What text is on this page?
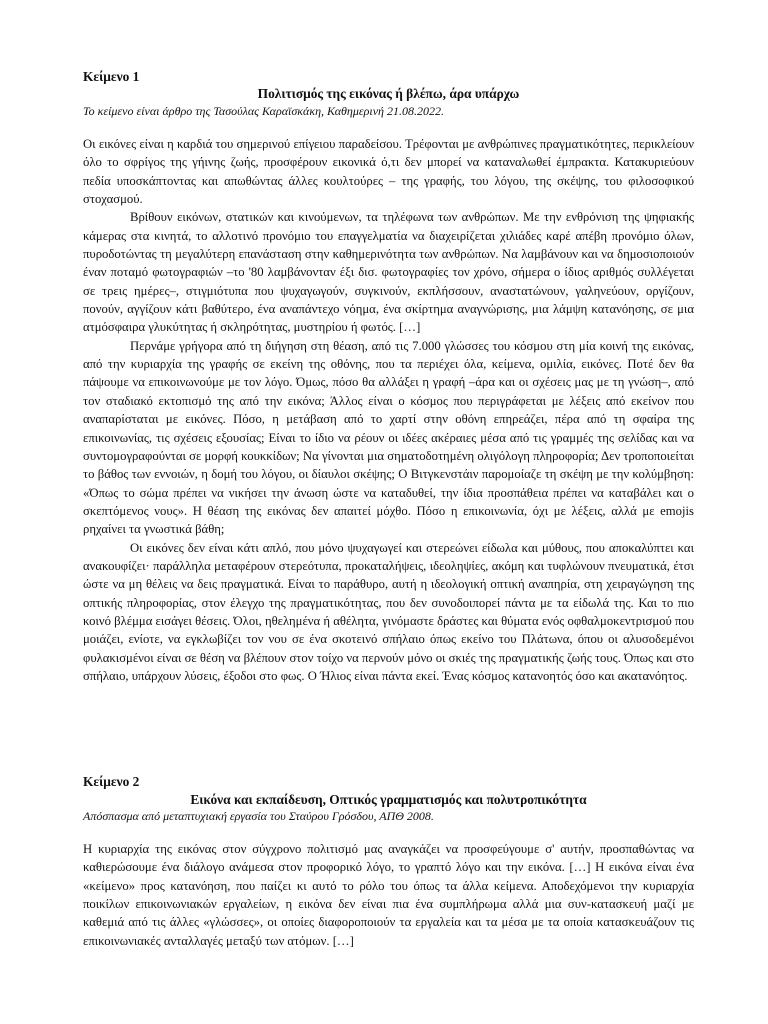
Κείμενο 1

Πολιτισμός της εικόνας ή βλέπω, άρα υπάρχω

Το κείμενο είναι άρθρο της Τασούλας Καραϊσκάκη, Καθημερινή 21.08.2022.

Οι εικόνες είναι η καρδιά του σημερινού επίγειου παραδείσου. Τρέφονται με ανθρώπινες πραγματικότητες, περικλείουν όλο το σφρίγος της γήινης ζωής, προσφέρουν εικονικά ό,τι δεν μπορεί να καταναλωθεί έμπρακτα. Κατακυριεύουν πεδία υποσκάπτοντας και απωθώντας άλλες κουλτούρες – της γραφής, του λόγου, της σκέψης, του φιλοσοφικού στοχασμού.

Βρίθουν εικόνων, στατικών και κινούμενων, τα τηλέφωνα των ανθρώπων. Με την ενθρόνιση της ψηφιακής κάμερας στα κινητά, το αλλοτινό προνόμιο του επαγγελματία να διαχειρίζεται χιλιάδες καρέ απέβη προνόμιο όλων, πυροδοτώντας τη μεγαλύτερη επανάσταση στην καθημερινότητα των ανθρώπων. Να λαμβάνουν και να δημοσιοποιούν έναν ποταμό φωτογραφιών –το '80 λαμβάνονταν έξι δισ. φωτογραφίες τον χρόνο, σήμερα ο ίδιος αριθμός συλλέγεται σε τρεις ημέρες–, στιγμιότυπα που ψυχαγωγούν, συγκινούν, εκπλήσσουν, αναστατώνουν, γαληνεύουν, οργίζουν, πονούν, αγγίζουν κάτι βαθύτερο, ένα αναπάντεχο νόημα, ένα σκίρτημα αναγνώρισης, μια λάμψη κατανόησης, σε μια ατμόσφαιρα γλυκύτητας ή σκληρότητας, μυστηρίου ή φωτός. […]

Περνάμε γρήγορα από τη διήγηση στη θέαση, από τις 7.000 γλώσσες του κόσμου στη μία κοινή της εικόνας, από την κυριαρχία της γραφής σε εκείνη της οθόνης, που τα περιέχει όλα, κείμενα, ομιλία, εικόνες. Ποτέ δεν θα πάψουμε να επικοινωνούμε με τον λόγο. Όμως, πόσο θα αλλάξει η γραφή –άρα και οι σχέσεις μας με τη γνώση–, από τον σταδιακό εκτοπισμό της από την εικόνα; Άλλος είναι ο κόσμος που περιγράφεται με λέξεις από εκείνον που αναπαρίσταται με εικόνες. Πόσο, η μετάβαση από το χαρτί στην οθόνη επηρεάζει, πέρα από τη σφαίρα της επικοινωνίας, τις σχέσεις εξουσίας; Είναι το ίδιο να ρέουν οι ιδέες ακέραιες μέσα από τις γραμμές της σελίδας και να συντομογραφούνται σε μορφή κουκκίδων; Να γίνονται μια σηματοδοτημένη ολιγόλογη πληροφορία; Δεν τροποποιείται το βάθος των εννοιών, η δομή του λόγου, οι δίαυλοι σκέψης; Ο Βιτγκενστάιν παρομοίαζε τη σκέψη με την κολύμβηση: «Όπως το σώμα πρέπει να νικήσει την άνωση ώστε να καταδυθεί, την ίδια προσπάθεια πρέπει να καταβάλει και ο σκεπτόμενος νους». Η θέαση της εικόνας δεν απαιτεί μόχθο. Πόσο η επικοινωνία, όχι με λέξεις, αλλά με emojis ρηχαίνει τα γνωστικά βάθη;

Οι εικόνες δεν είναι κάτι απλό, που μόνο ψυχαγωγεί και στερεώνει είδωλα και μύθους, που αποκαλύπτει και ανακουφίζει· παράλληλα μεταφέρουν στερεότυπα, προκαταλήψεις, ιδεοληψίες, ακόμη και τυφλώνουν πνευματικά, έτσι ώστε να μη θέλεις να δεις πραγματικά. Είναι το παράθυρο, αυτή η ιδεολογική οπτική αναπηρία, στη χειραγώγηση της οπτικής πληροφορίας, στον έλεγχο της πραγματικότητας, που δεν συνοδοιπορεί πάντα με τα είδωλά της. Και το πιο κοινό βλέμμα εισάγει θέσεις. Όλοι, ηθελημένα ή αθέλητα, γινόμαστε δράστες και θύματα ενός οφθαλμοκεντρισμού που μοιάζει, ενίοτε, να εγκλωβίζει τον νου σε ένα σκοτεινό σπήλαιο όπως εκείνο του Πλάτωνα, όπου οι αλυσοδεμένοι φυλακισμένοι είναι σε θέση να βλέπουν στον τοίχο να περνούν μόνο οι σκιές της πραγματικής ζωής τους. Όπως και στο σπήλαιο, υπάρχουν λύσεις, έξοδοι στο φως. Ο Ήλιος είναι πάντα εκεί. Ένας κόσμος κατανοητός όσο και ακατανόητος.

Κείμενο 2

Εικόνα και εκπαίδευση, Οπτικός γραμματισμός και πολυτροπικότητα

Απόσπασμα από μεταπτυχιακή εργασία του Σταύρου Γρόσδου, ΑΠΘ 2008.

Η κυριαρχία της εικόνας στον σύγχρονο πολιτισμό μας αναγκάζει να προσφεύγουμε σ' αυτήν, προσπαθώντας να καθιερώσουμε ένα διάλογο ανάμεσα στον προφορικό λόγο, το γραπτό λόγο και την εικόνα. […] Η εικόνα είναι ένα «κείμενο» προς κατανόηση, που παίζει κι αυτό το ρόλο του όπως τα άλλα κείμενα. Αποδεχόμενοι την κυριαρχία ποικίλων επικοινωνιακών εργαλείων, η εικόνα δεν είναι πια ένα συμπλήρωμα αλλά μια συν-κατασκευή μαζί με καθεμιά από τις άλλες «γλώσσες», οι οποίες διαφοροποιούν τα εργαλεία και τα μέσα με τα οποία κατασκευάζουν τις επικοινωνιακές ανταλλαγές μεταξύ των ατόμων. […]
